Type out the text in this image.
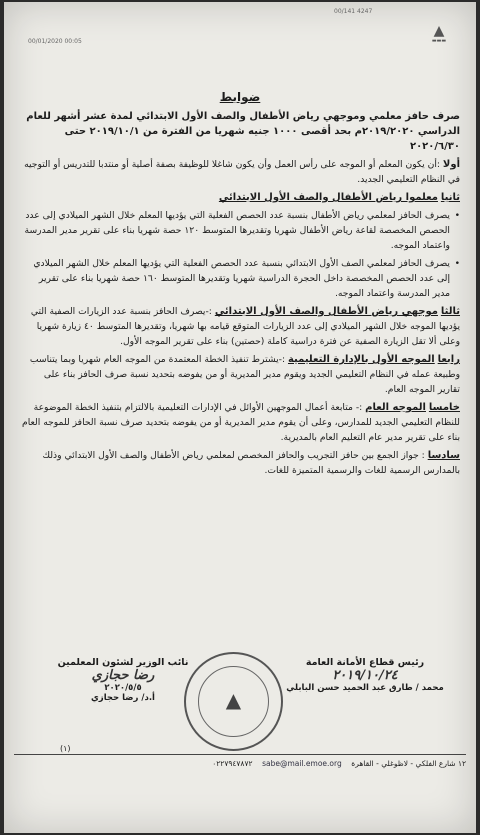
00/141 4247
00/01/2020 00:05
▲
▬▬▬
ضوابط

صرف حافز معلمي وموجهي رياض الأطفال والصف الأول الابتدائي لمدة عشر أشهر للعام الدراسي ٢٠١٩/٢٠٢٠م بحد أقصى ١٠٠٠ جنيه شهريا من الفترة من ٢٠١٩/١٠/١ حتى ٢٠٢٠/٦/٣٠

أولا :أن يكون المعلم أو الموجه على رأس العمل وأن يكون شاغلا للوظيفة بصفة أصلية أو منتدبا للتدريس أو التوجيه في النظام التعليمي الجديد.

ثانيا معلموا رياض الأطفال والصف الأول الابتدائي

• يصرف الحافز لمعلمي رياض الأطفال بنسبة عدد الحصص الفعلية التي يؤديها المعلم خلال الشهر الميلادي إلى عدد الحصص المخصصة لقاعة رياض الأطفال شهريا وتقديرها المتوسط ١٢٠ حصة شهريا بناء على تقرير مدير المدرسة واعتماد الموجه.
• يصرف الحافز لمعلمي الصف الأول الابتدائي بنسبة عدد الحصص الفعلية التي يؤديها المعلم خلال الشهر الميلادي إلى عدد الحصص المخصصة داخل الحجرة الدراسية شهريا وتقديرها المتوسط ١٦٠ حصة شهريا بناء على تقرير مدير المدرسة واعتماد الموجه.

ثالثا موجهي رياض الأطفال والصف الأول الابتدائي :-يصرف الحافز بنسبة عدد الزيارات الصفية التي يؤديها الموجه خلال الشهر الميلادي إلى عدد الزيارات المتوقع قيامه بها شهريا، وتقديرها المتوسط ٤٠ زيارة شهريا وعلى ألا تقل الزيارة الصفية عن فترة دراسية كاملة (حصتين) بناء على تقرير الموجه الأول.

رابعا الموجه الأول بالإدارة التعليمية :-يشترط تنفيذ الخطة المعتمدة من الموجه العام شهريا وبما يتناسب وطبيعة عمله في النظام التعليمي الجديد ويقوم مدير المديرية أو من يفوضه بتحديد نسبة صرف الحافز بناء على تقارير الموجه العام.

خامسا الموجه العام :- متابعة أعمال الموجهين الأوائل في الإدارات التعليمية بالالتزام بتنفيذ الخطة الموضوعة للنظام التعليمي الجديد للمدارس، وعلى أن يقوم مدير المديرية أو من يفوضه بتحديد صرف نسبة الحافز للموجه العام بناء على تقرير مدير عام التعليم العام بالمديرية.

سادسا : جواز الجمع بين حافز التجريب والحافز المخصص لمعلمي رياض الأطفال والصف الأول الابتدائي وذلك بالمدارس الرسمية للغات والرسمية المتميزة للغات.

رئيس قطاع الأمانة العامة
٢٠١٩/١٠/٢٤
محمد / طارق عبد الحميد حسن البابلي
▲
نائب الوزير لشئون المعلمين
رضا حجازي
٢٠٢٠/٥/٥
أ.د/ رضا حجازي
(١)
١٢ شارع الفلكي - لاظوغلي - القاهرة    sabe@mail.emoe.org    ٠٢٢٧٩٤٧٨٧٢
